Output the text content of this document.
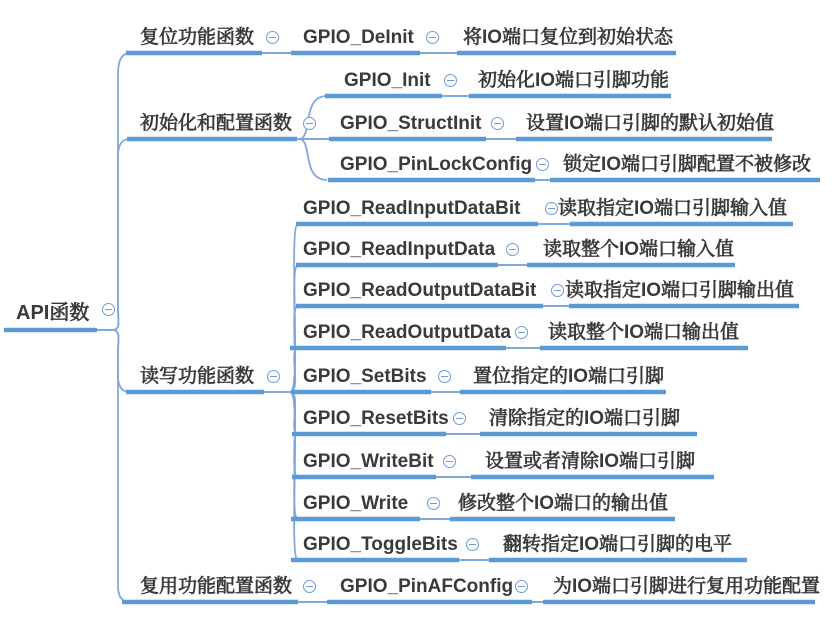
API函数
复位功能函数	GPIO_DeInit	将IO端口复位到初始状态
GPIO_Init 初始化IO端口引脚功能
初始化和配置函数	GPIO_StructInit 设置IO端口引脚的默认初始值
GPIO_PinLockConfig 锁定IO端口引脚配置不被修改
GPIO_ReadInputDataBit 读取指定IO端口引脚输入值
GPIO_ReadInputData	读取整个IO端口输入值
GPIO_ReadOutputDataBit 读取指定IO端口引脚输出值
GPIO_ReadOutputData 读取整个IO端口输出值
读写功能函数	GPIO_SetBits 置位指定的IO端口引脚
GPIO_ResetBits 清除指定的IO端口引脚
GPIO_WriteBit	设置或者清除IO端口引脚
GPIO_Write	修改整个IO端口的输出值
GPIO_ToggleBits 翻转指定IO端口引脚的电平
复用功能配置函数	GPIO_PinAFConfig 为IO端口引脚进行复用功能配置
